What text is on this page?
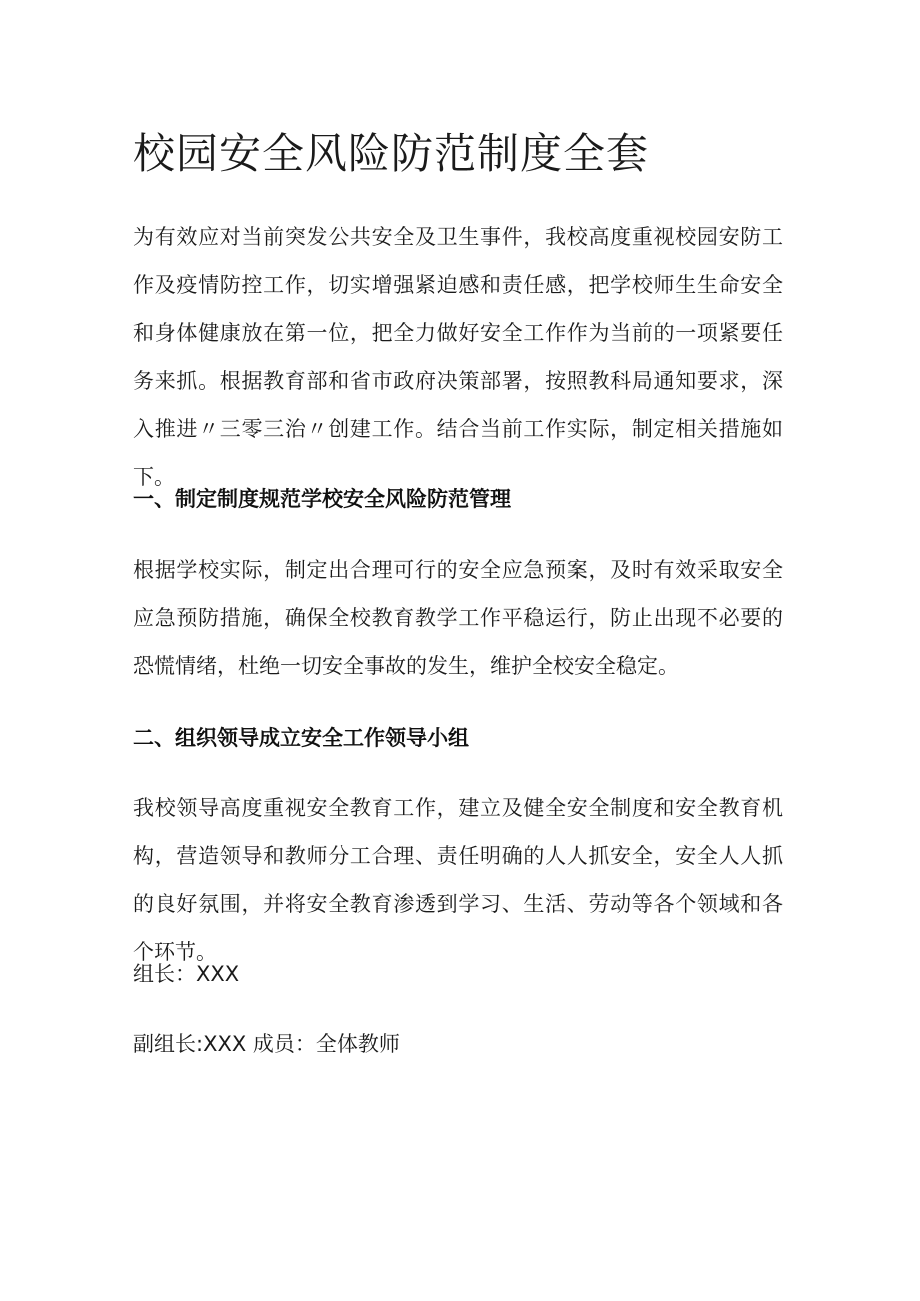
校园安全风险防范制度全套

为有效应对当前突发公共安全及卫生事件，我校高度重视校园安防工作及疫情防控工作，切实增强紧迫感和责任感，把学校师生生命安全和身体健康放在第一位，把全力做好安全工作作为当前的一项紧要任务来抓。根据教育部和省市政府决策部署，按照教科局通知要求，深入推进〃三零三治〃创建工作。结合当前工作实际，制定相关措施如下。

一、制定制度规范学校安全风险防范管理

根据学校实际，制定出合理可行的安全应急预案，及时有效采取安全应急预防措施，确保全校教育教学工作平稳运行，防止出现不必要的恐慌情绪，杜绝一切安全事故的发生，维护全校安全稳定。

二、组织领导成立安全工作领导小组

我校领导高度重视安全教育工作，建立及健全安全制度和安全教育机构，营造领导和教师分工合理、责任明确的人人抓安全，安全人人抓的良好氛围，并将安全教育渗透到学习、生活、劳动等各个领域和各个环节。

组长：XXX

副组长:XXX 成员：全体教师
